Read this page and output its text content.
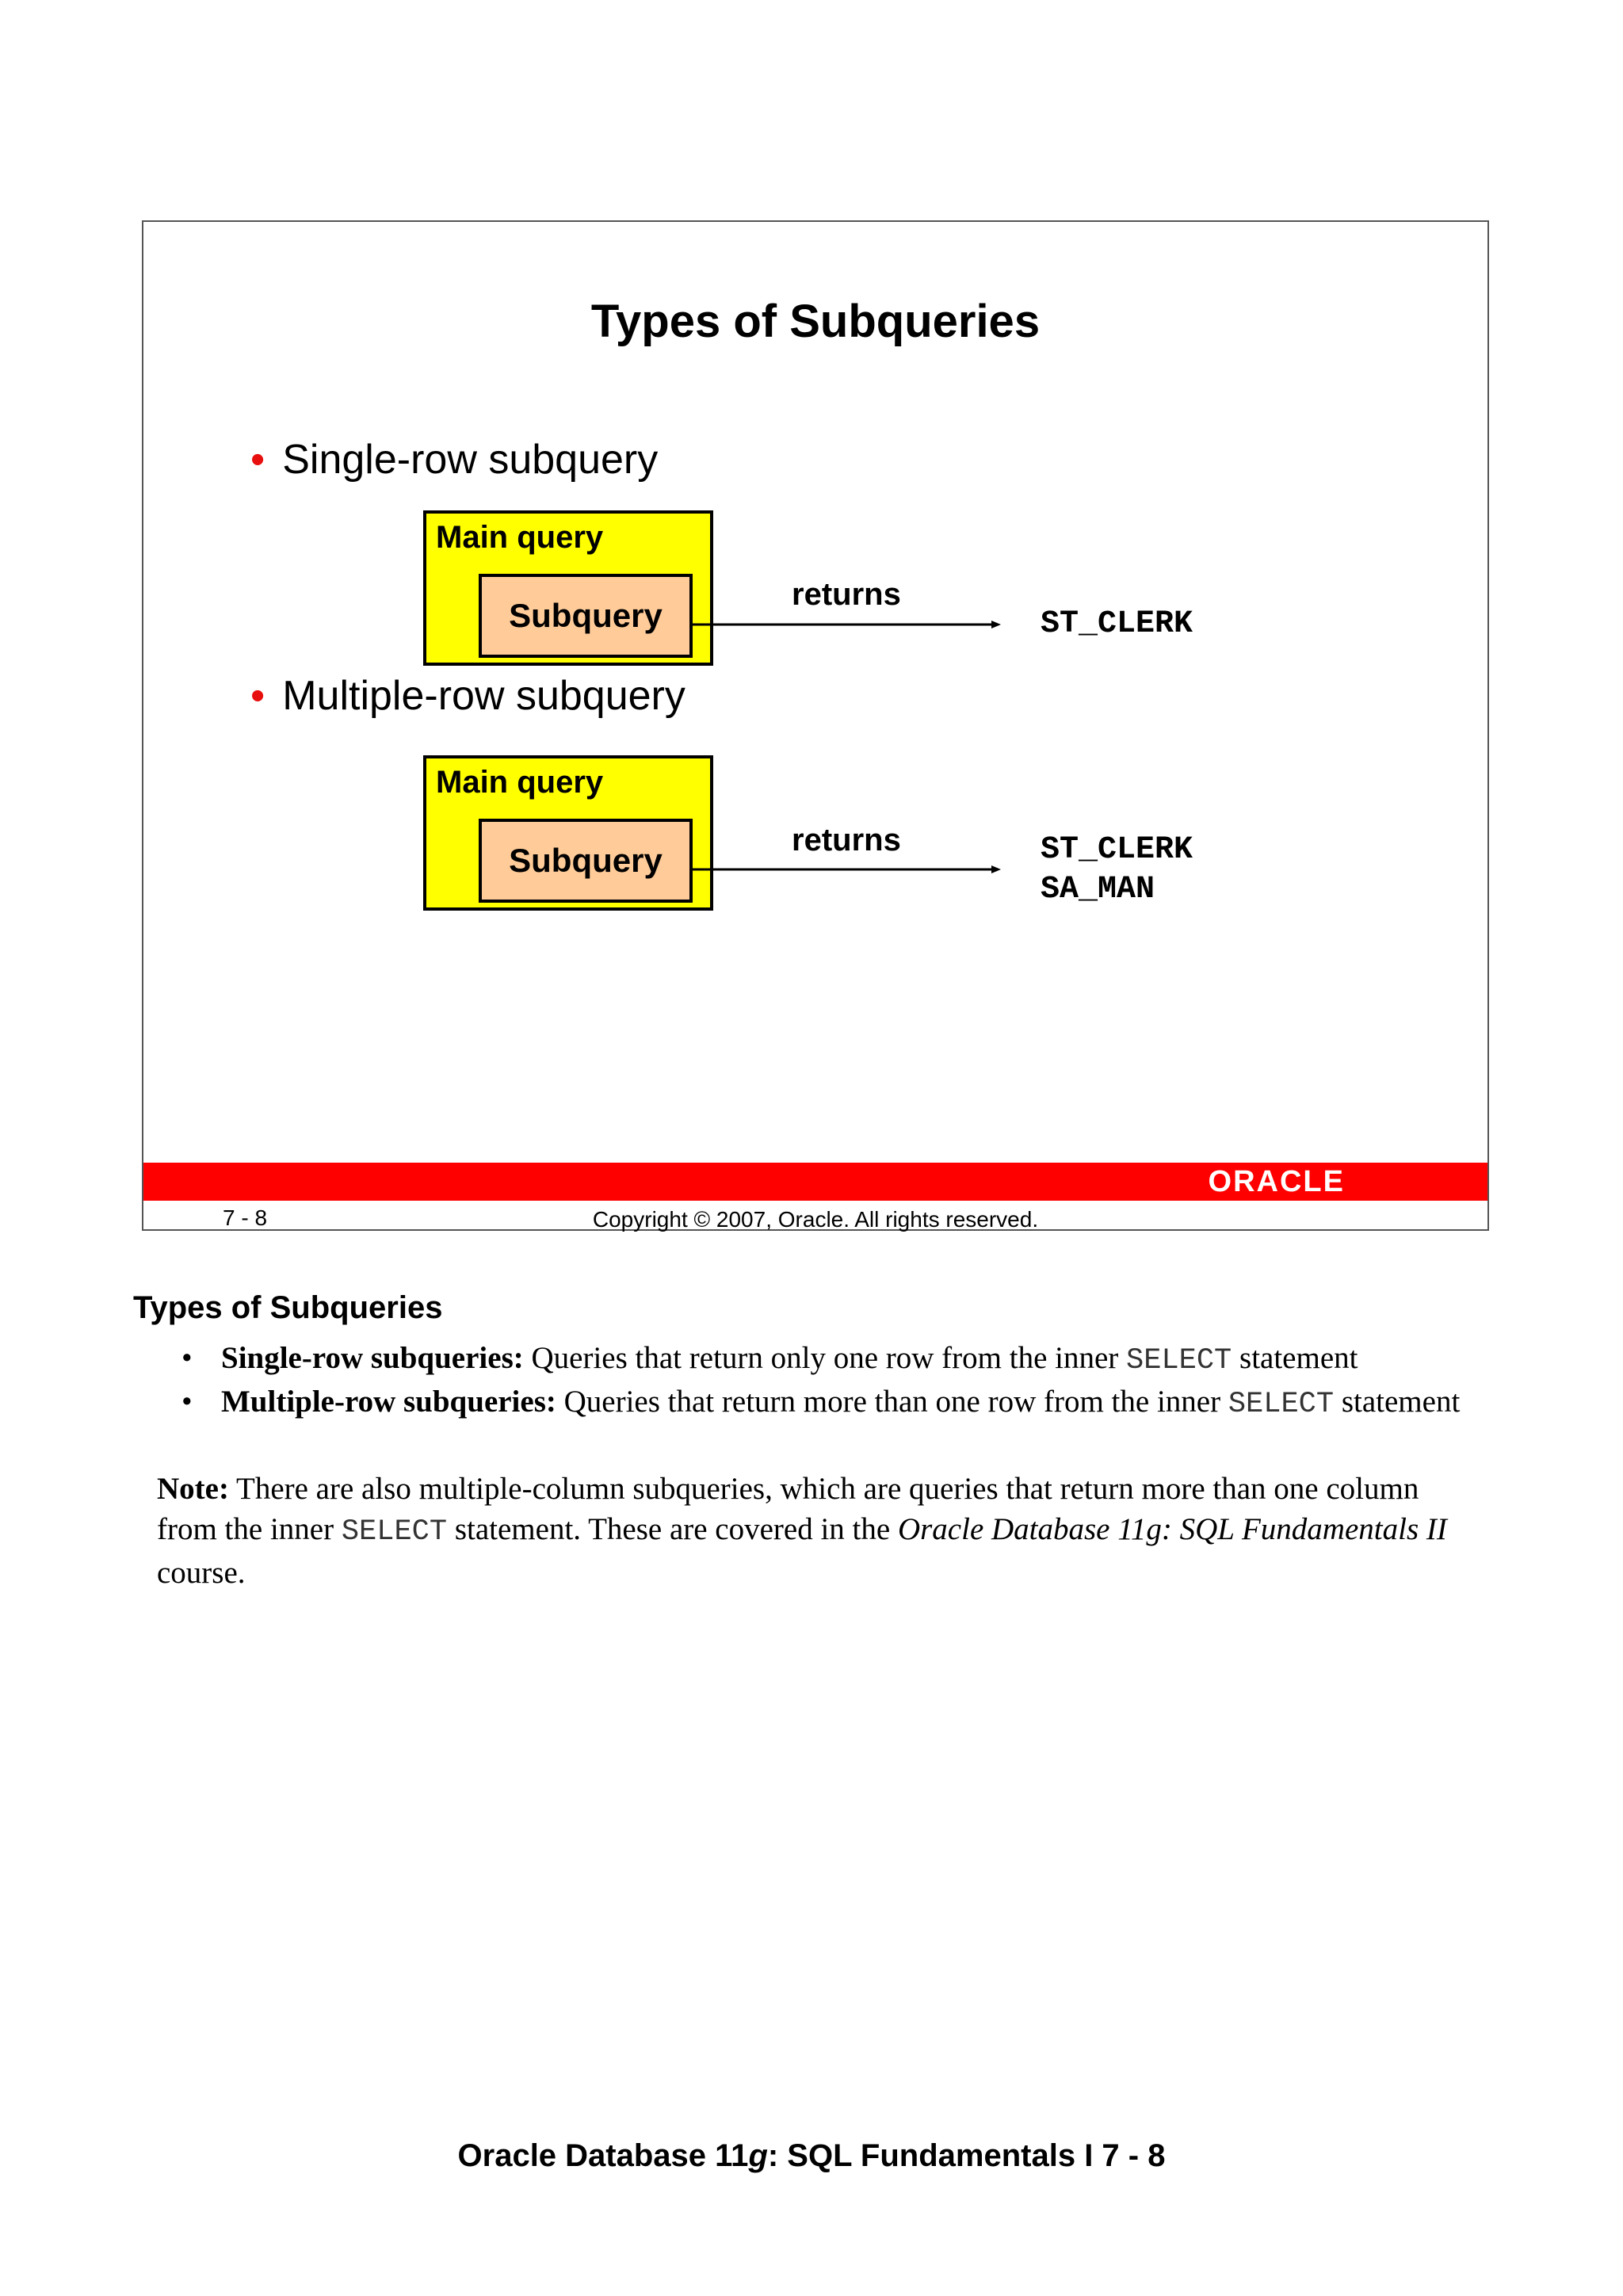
Types of Subqueries
• Single-row subquery
Main query
Subquery
returns
ST_CLERK
• Multiple-row subquery
Main query
Subquery
returns	ST_CLERK
SA_MAN
ORACLE
7 - 8	Copyright © 2007, Oracle. All rights reserved.
Types of Subqueries
• Single-row subqueries: Queries that return only one row from the inner SELECT statement
• Multiple-row subqueries: Queries that return more than one row from the inner SELECT statement
Note: There are also multiple-column subqueries, which are queries that return more than one column from the inner SELECT statement. These are covered in the Oracle Database 11g: SQL Fundamentals II course.
Oracle Database 11g: SQL Fundamentals I 7 - 8
